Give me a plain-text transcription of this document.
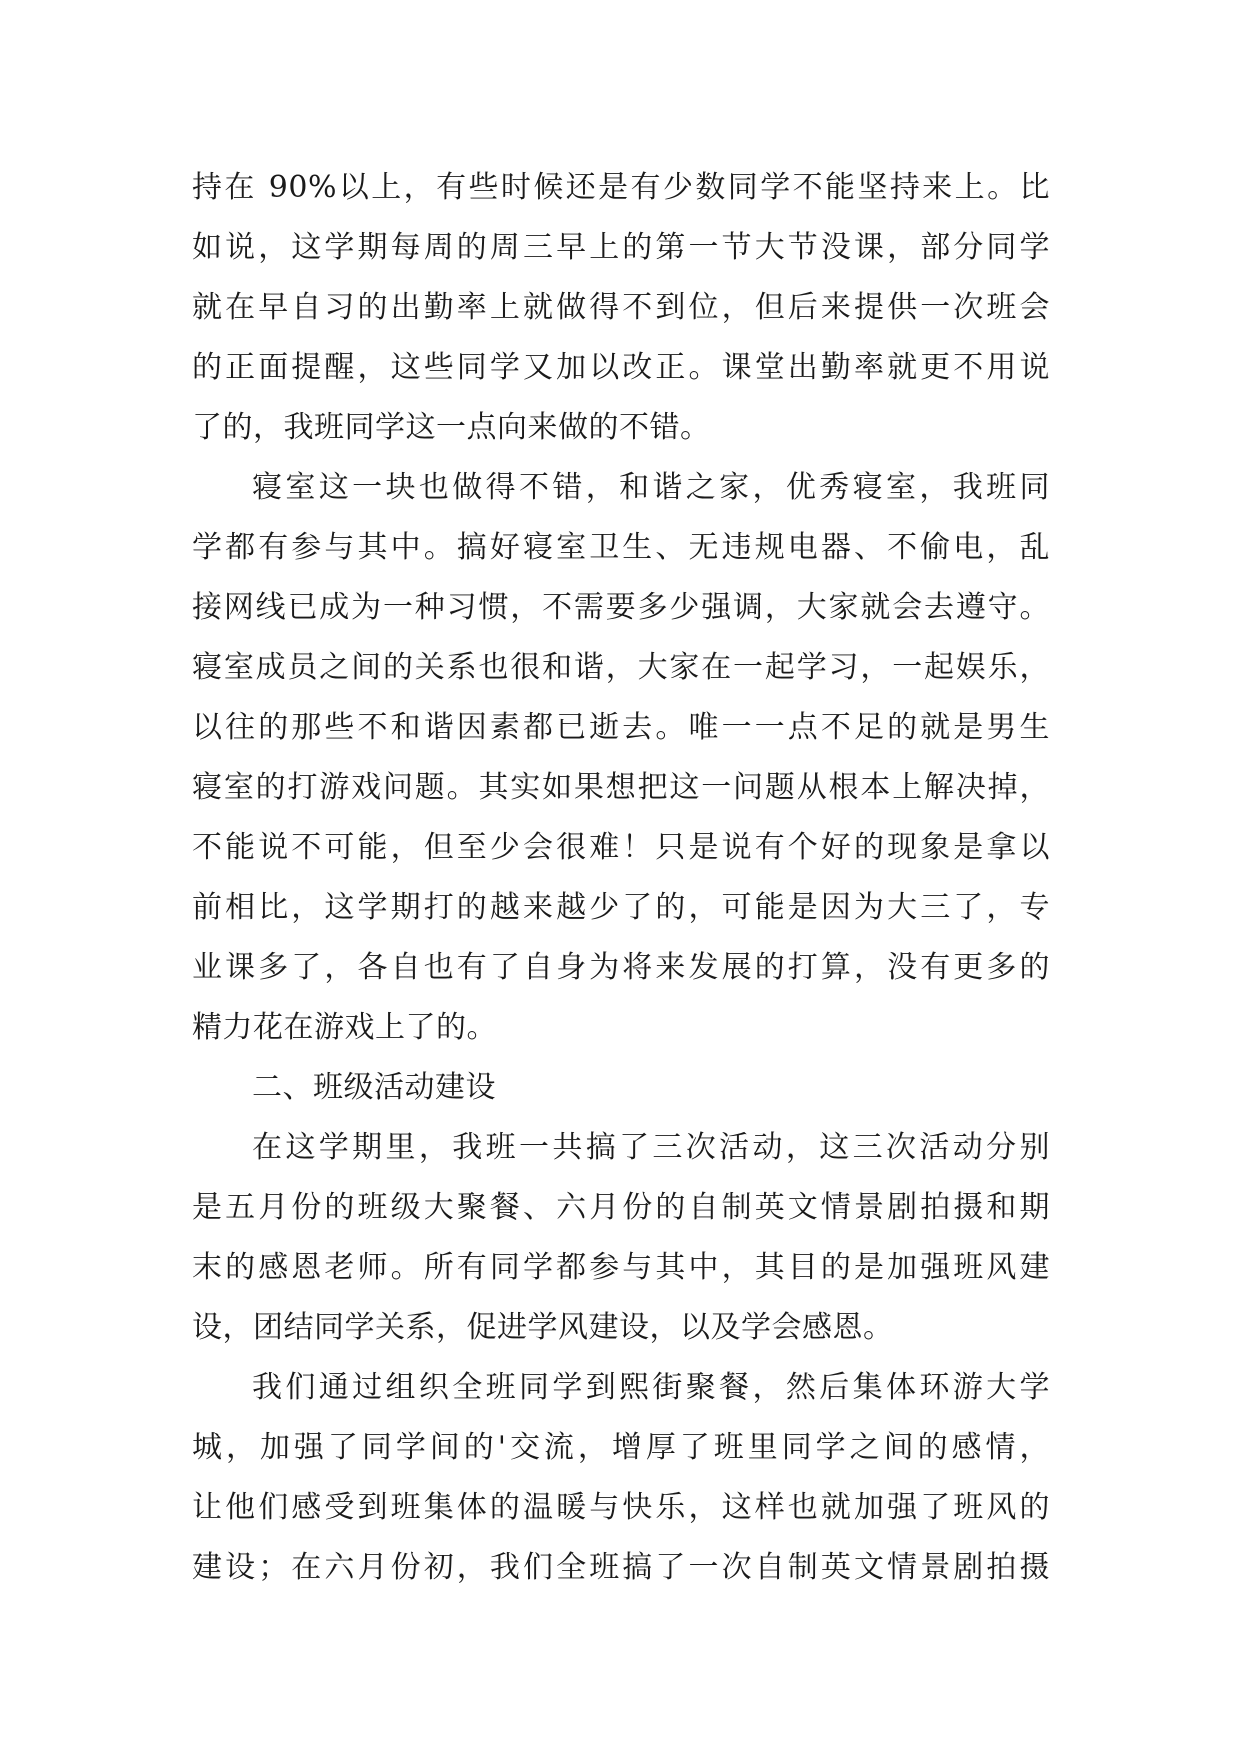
持在 90%以上，有些时候还是有少数同学不能坚持来上。比
如说，这学期每周的周三早上的第一节大节没课，部分同学
就在早自习的出勤率上就做得不到位，但后来提供一次班会
的正面提醒，这些同学又加以改正。课堂出勤率就更不用说
了的，我班同学这一点向来做的不错。
寝室这一块也做得不错，和谐之家，优秀寝室，我班同
学都有参与其中。搞好寝室卫生、无违规电器、不偷电，乱
接网线已成为一种习惯，不需要多少强调，大家就会去遵守。
寝室成员之间的关系也很和谐，大家在一起学习，一起娱乐，
以往的那些不和谐因素都已逝去。唯一一点不足的就是男生
寝室的打游戏问题。其实如果想把这一问题从根本上解决掉，
不能说不可能，但至少会很难！只是说有个好的现象是拿以
前相比，这学期打的越来越少了的，可能是因为大三了，专
业课多了，各自也有了自身为将来发展的打算，没有更多的
精力花在游戏上了的。
二、班级活动建设
在这学期里，我班一共搞了三次活动，这三次活动分别
是五月份的班级大聚餐、六月份的自制英文情景剧拍摄和期
末的感恩老师。所有同学都参与其中，其目的是加强班风建
设，团结同学关系，促进学风建设，以及学会感恩。
我们通过组织全班同学到熙街聚餐，然后集体环游大学
城，加强了同学间的'交流，增厚了班里同学之间的感情，
让他们感受到班集体的温暖与快乐，这样也就加强了班风的
建设；在六月份初，我们全班搞了一次自制英文情景剧拍摄
